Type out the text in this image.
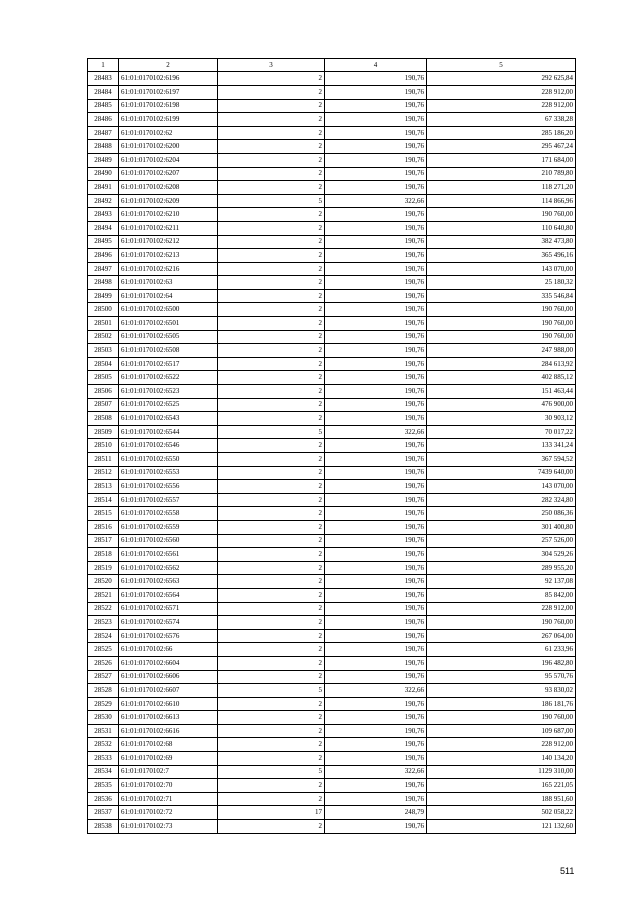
1	2	3	4	5
28483	61:01:0170102:6196	2	190,76	292 625,84
28484	61:01:0170102:6197	2	190,76	228 912,00
28485	61:01:0170102:6198	2	190,76	228 912,00
28486	61:01:0170102:6199	2	190,76	67 338,28
28487	61:01:0170102:62	2	190,76	285 186,20
28488	61:01:0170102:6200	2	190,76	295 467,24
28489	61:01:0170102:6204	2	190,76	171 684,00
28490	61:01:0170102:6207	2	190,76	210 789,80
28491	61:01:0170102:6208	2	190,76	118 271,20
28492	61:01:0170102:6209	5	322,66	114 866,96
28493	61:01:0170102:6210	2	190,76	190 760,00
28494	61:01:0170102:6211	2	190,76	110 640,80
28495	61:01:0170102:6212	2	190,76	382 473,80
28496	61:01:0170102:6213	2	190,76	365 496,16
28497	61:01:0170102:6216	2	190,76	143 070,00
28498	61:01:0170102:63	2	190,76	25 180,32
28499	61:01:0170102:64	2	190,76	335 546,84
28500	61:01:0170102:6500	2	190,76	190 760,00
28501	61:01:0170102:6501	2	190,76	190 760,00
28502	61:01:0170102:6505	2	190,76	190 760,00
28503	61:01:0170102:6508	2	190,76	247 988,00
28504	61:01:0170102:6517	2	190,76	284 613,92
28505	61:01:0170102:6522	2	190,76	402 885,12
28506	61:01:0170102:6523	2	190,76	151 463,44
28507	61:01:0170102:6525	2	190,76	476 900,00
28508	61:01:0170102:6543	2	190,76	30 903,12
28509	61:01:0170102:6544	5	322,66	70 017,22
28510	61:01:0170102:6546	2	190,76	133 341,24
28511	61:01:0170102:6550	2	190,76	367 594,52
28512	61:01:0170102:6553	2	190,76	7439 640,00
28513	61:01:0170102:6556	2	190,76	143 070,00
28514	61:01:0170102:6557	2	190,76	282 324,80
28515	61:01:0170102:6558	2	190,76	250 086,36
28516	61:01:0170102:6559	2	190,76	301 400,80
28517	61:01:0170102:6560	2	190,76	257 526,00
28518	61:01:0170102:6561	2	190,76	304 529,26
28519	61:01:0170102:6562	2	190,76	289 955,20
28520	61:01:0170102:6563	2	190,76	92 137,08
28521	61:01:0170102:6564	2	190,76	85 842,00
28522	61:01:0170102:6571	2	190,76	228 912,00
28523	61:01:0170102:6574	2	190,76	190 760,00
28524	61:01:0170102:6576	2	190,76	267 064,00
28525	61:01:0170102:66	2	190,76	61 233,96
28526	61:01:0170102:6604	2	190,76	196 482,80
28527	61:01:0170102:6606	2	190,76	95 570,76
28528	61:01:0170102:6607	5	322,66	93 830,02
28529	61:01:0170102:6610	2	190,76	186 181,76
28530	61:01:0170102:6613	2	190,76	190 760,00
28531	61:01:0170102:6616	2	190,76	109 687,00
28532	61:01:0170102:68	2	190,76	228 912,00
28533	61:01:0170102:69	2	190,76	140 134,20
28534	61:01:0170102:7	5	322,66	1129 310,00
28535	61:01:0170102:70	2	190,76	165 221,05
28536	61:01:0170102:71	2	190,76	188 951,60
28537	61:01:0170102:72	17	248,79	502 058,22
28538	61:01:0170102:73	2	190,76	121 132,60
511
